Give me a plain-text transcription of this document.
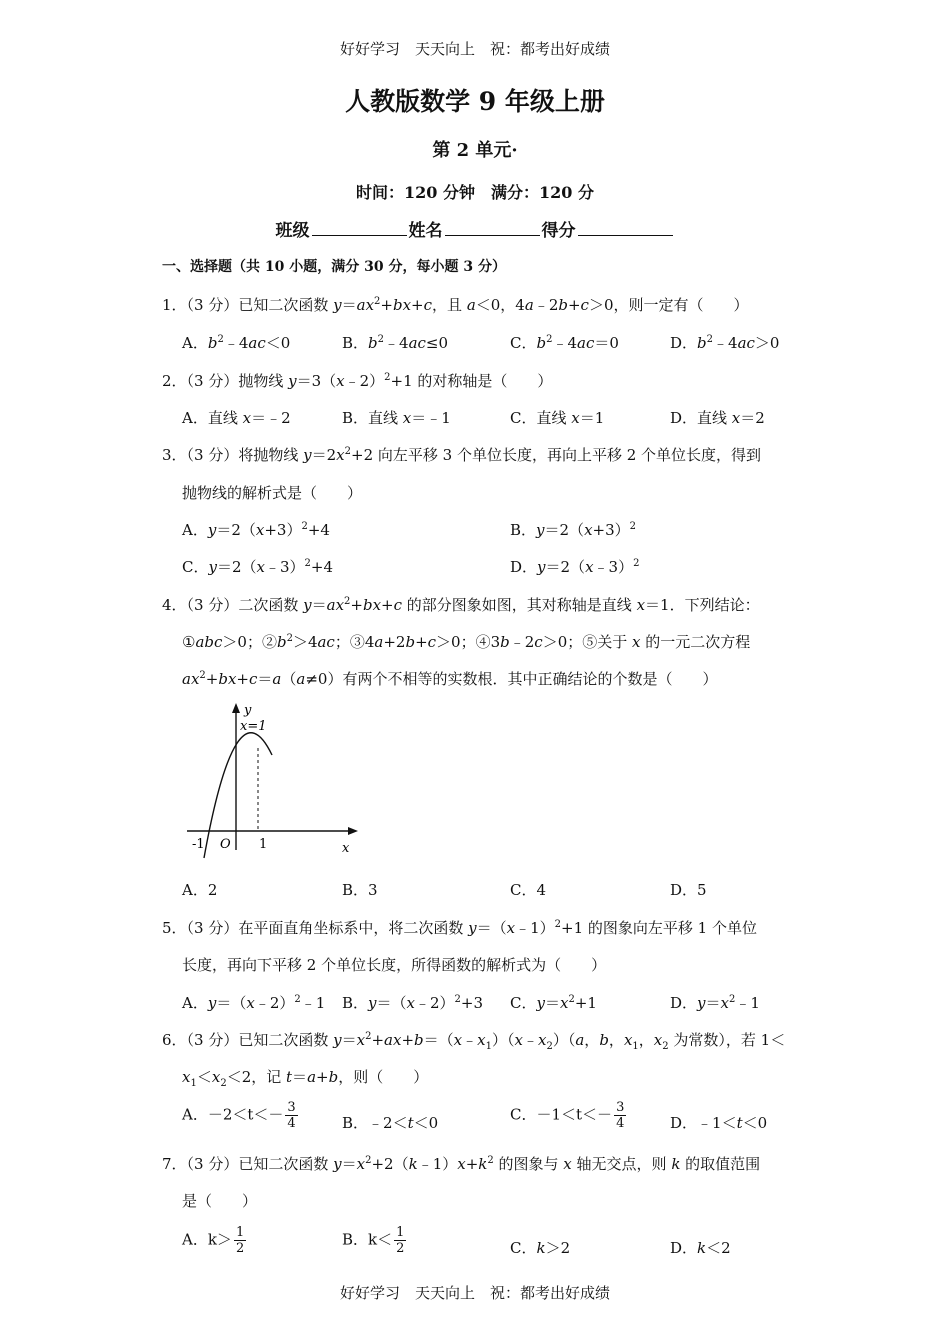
好好学习　天天向上　祝：都考出好成绩
人教版数学 9 年级上册
第 2 单元·
时间：120 分钟　满分：120 分
班级	姓名	得分
一、选择题（共 10 小题，满分 30 分，每小题 3 分）
1．（3 分）已知二次函数 $y=ax^2+bx+c$，且 a＜0，4a﹣2b+c＞0，则一定有（　　）
A．$b^2﹣4ac<0$	B．$b^2﹣4ac\le 0$	C．$b^2﹣4ac=0$	D．$b^2﹣4ac>0$
2．（3 分）抛物线 y＝3（x﹣2）$^2$+1 的对称轴是（　　）
A．直线 x＝﹣2	B．直线 x＝﹣1	C．直线 x＝1	D．直线 x＝2
3．（3 分）将抛物线 $y=2x^2+2$ 向左平移 3 个单位长度，再向上平移 2 个单位长度，得到
抛物线的解析式是（　　）
A．$y=2(x+3)^2+4$	B．$y=2(x+3)^2$
C．y＝2（x﹣3）$^2$+4	D．y＝2（x﹣3）$^2$
4．（3 分）二次函数 $y=ax^2+bx+c$ 的部分图象如图，其对称轴是直线 x＝1．下列结论：
①abc＞0；$②b^2>4ac$；③4a+2b+c＞0；④3b﹣2c＞0；⑤关于 x 的一元二次方程
$ax^2+bx+c=a(a\ne 0)$有两个不相等的实数根．其中正确结论的个数是（　　）
y
x=1
x
O
-1	1
A．2	B．3	C．4	D．5
5．（3 分）在平面直角坐标系中，将二次函数 y＝（x﹣1）$^2$+1 的图象向左平移 1 个单位
长度，再向下平移 2 个单位长度，所得函数的解析式为（　　）
A．y＝（x﹣2）$^2$﹣1 B．y＝（x﹣2）$^2$+3 C．$y=x^2+1$	D．$y=x^2﹣1$
6．（3 分）已知二次函数 $y=x^2+ax+b=(x﹣x_1)(x﹣x_2)(a$，b，$x_1$，$x_2$ 为常数），若 1＜
$x_1<x_2<2$，记 t＝a+b，则（　　）
A．$-2<t<- \frac{3}{4}$	B．﹣2＜t＜0	C．$-1<t<- \frac{3}{4}$	D．﹣1＜t＜0
7．（3 分）已知二次函数 $y=x^2+2(k﹣1)x+k^2$ 的图象与 x 轴无交点，则 k 的取值范围
是（　　）
A．$k> \frac{1}{2}$	B．$k< \frac{1}{2}$	C．k＞2	D．k＜2
好好学习　天天向上　祝：都考出好成绩
